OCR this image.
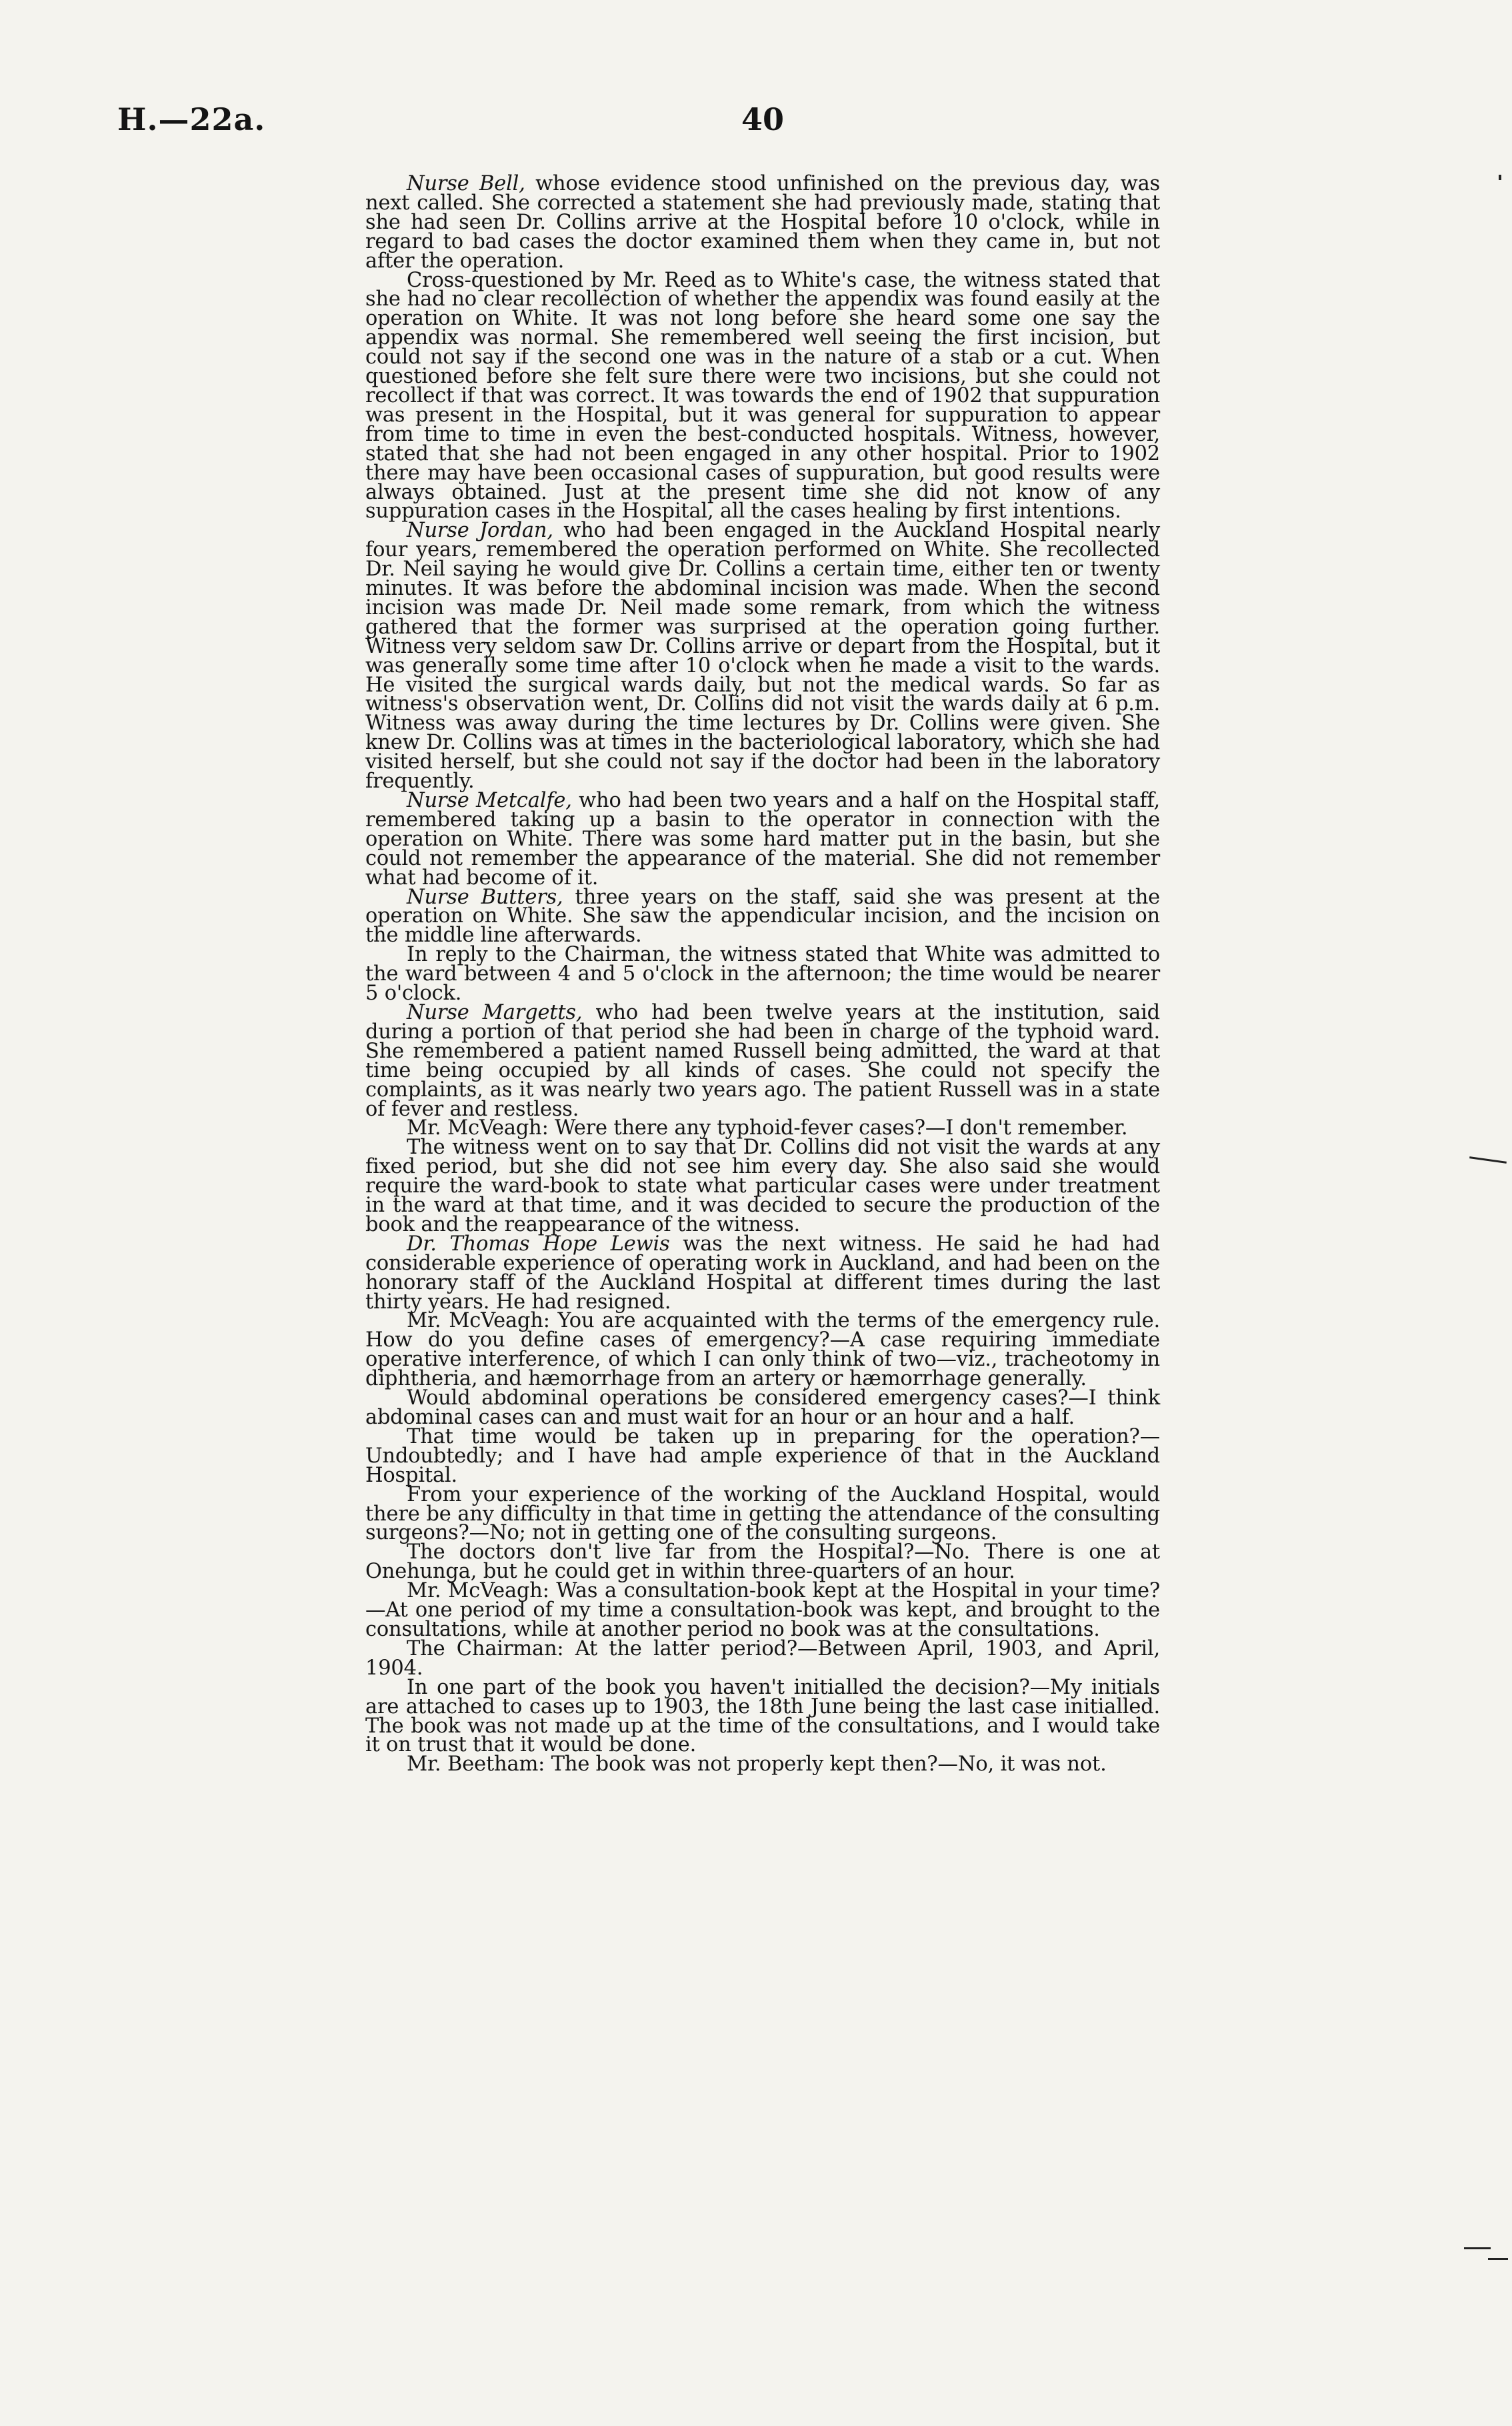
H.—22a.	40

Nurse Bell, whose evidence stood unfinished on the previous day, was next called. She corrected a statement she had previously made, stating that she had seen Dr. Collins arrive at the Hospital before 10 o'clock, while in regard to bad cases the doctor examined them when they came in, but not after the operation.

Cross-questioned by Mr. Reed as to White's case, the witness stated that she had no clear recollection of whether the appendix was found easily at the operation on White. It was not long before she heard some one say the appendix was normal. She remembered well seeing the first incision, but could not say if the second one was in the nature of a stab or a cut. When questioned before she felt sure there were two incisions, but she could not recollect if that was correct. It was towards the end of 1902 that suppuration was present in the Hospital, but it was general for suppuration to appear from time to time in even the best-conducted hospitals. Witness, however, stated that she had not been engaged in any other hospital. Prior to 1902 there may have been occasional cases of suppuration, but good results were always obtained. Just at the present time she did not know of any suppuration cases in the Hospital, all the cases healing by first intentions.

Nurse Jordan, who had been engaged in the Auckland Hospital nearly four years, remembered the operation performed on White. She recollected Dr. Neil saying he would give Dr. Collins a certain time, either ten or twenty minutes. It was before the abdominal incision was made. When the second incision was made Dr. Neil made some remark, from which the witness gathered that the former was surprised at the operation going further. Witness very seldom saw Dr. Collins arrive or depart from the Hospital, but it was generally some time after 10 o'clock when he made a visit to the wards. He visited the surgical wards daily, but not the medical wards. So far as witness's observation went, Dr. Collins did not visit the wards daily at 6 p.m. Witness was away during the time lectures by Dr. Collins were given. She knew Dr. Collins was at times in the bacteriological laboratory, which she had visited herself, but she could not say if the doctor had been in the laboratory frequently.

Nurse Metcalfe, who had been two years and a half on the Hospital staff, remembered taking up a basin to the operator in connection with the operation on White. There was some hard matter put in the basin, but she could not remember the appearance of the material. She did not remember what had become of it.

Nurse Butters, three years on the staff, said she was present at the operation on White. She saw the appendicular incision, and the incision on the middle line afterwards.

In reply to the Chairman, the witness stated that White was admitted to the ward between 4 and 5 o'clock in the afternoon; the time would be nearer 5 o'clock.

Nurse Margetts, who had been twelve years at the institution, said during a portion of that period she had been in charge of the typhoid ward. She remembered a patient named Russell being admitted, the ward at that time being occupied by all kinds of cases. She could not specify the complaints, as it was nearly two years ago. The patient Russell was in a state of fever and restless.

Mr. McVeagh: Were there any typhoid-fever cases?—I don't remember.

The witness went on to say that Dr. Collins did not visit the wards at any fixed period, but she did not see him every day. She also said she would require the ward-book to state what particular cases were under treatment in the ward at that time, and it was decided to secure the production of the book and the reappearance of the witness.

Dr. Thomas Hope Lewis was the next witness. He said he had had considerable experience of operating work in Auckland, and had been on the honorary staff of the Auckland Hospital at different times during the last thirty years. He had resigned.

Mr. McVeagh: You are acquainted with the terms of the emergency rule. How do you define cases of emergency?—A case requiring immediate operative interference, of which I can only think of two—viz., tracheotomy in diphtheria, and hæmorrhage from an artery or hæmorrhage generally.

Would abdominal operations be considered emergency cases?—I think abdominal cases can and must wait for an hour or an hour and a half.

That time would be taken up in preparing for the operation?—Undoubtedly; and I have had ample experience of that in the Auckland Hospital.

From your experience of the working of the Auckland Hospital, would there be any difficulty in that time in getting the attendance of the consulting surgeons?—No; not in getting one of the consulting surgeons.

The doctors don't live far from the Hospital?—No. There is one at Onehunga, but he could get in within three-quarters of an hour.

Mr. McVeagh: Was a consultation-book kept at the Hospital in your time?—At one period of my time a consultation-book was kept, and brought to the consultations, while at another period no book was at the consultations.

The Chairman: At the latter period?—Between April, 1903, and April, 1904.

In one part of the book you haven't initialled the decision?—My initials are attached to cases up to 1903, the 18th June being the last case initialled. The book was not made up at the time of the consultations, and I would take it on trust that it would be done.

Mr. Beetham: The book was not properly kept then?—No, it was not.
